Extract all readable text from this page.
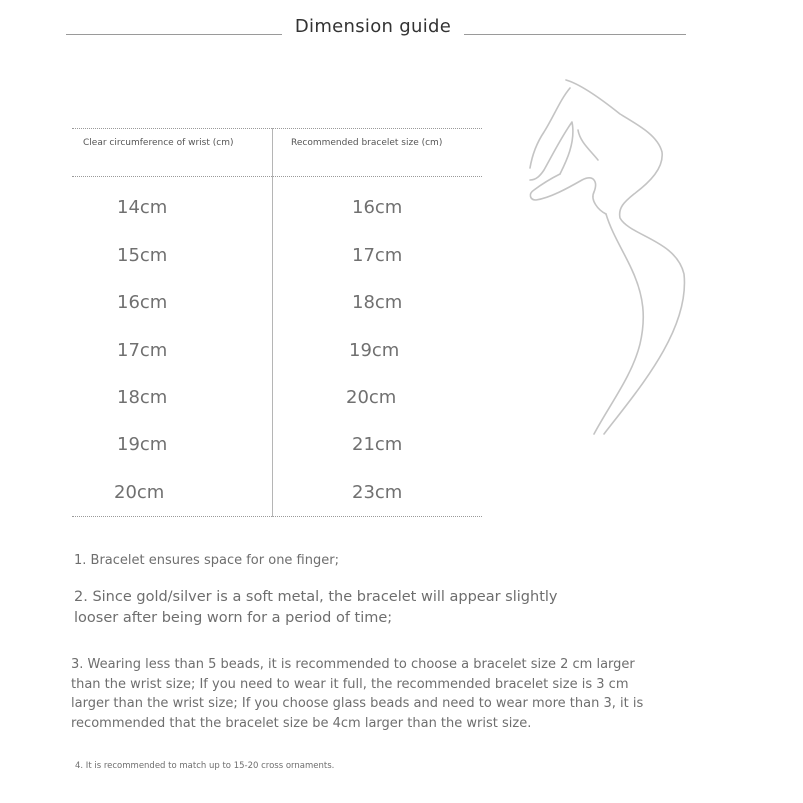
Dimension guide
Clear circumference of wrist (cm)	Recommended bracelet size (cm)
14cm	16cm
15cm	17cm
16cm	18cm
17cm	19cm
18cm	20cm
19cm	21cm
20cm	23cm
1. Bracelet ensures space for one finger;
2. Since gold/silver is a soft metal, the bracelet will appear slightly
looser after being worn for a period of time;
3. Wearing less than 5 beads, it is recommended to choose a bracelet size 2 cm larger
than the wrist size; If you need to wear it full, the recommended bracelet size is 3 cm
larger than the wrist size; If you choose glass beads and need to wear more than 3, it is
recommended that the bracelet size be 4cm larger than the wrist size.
4. It is recommended to match up to 15-20 cross ornaments.
